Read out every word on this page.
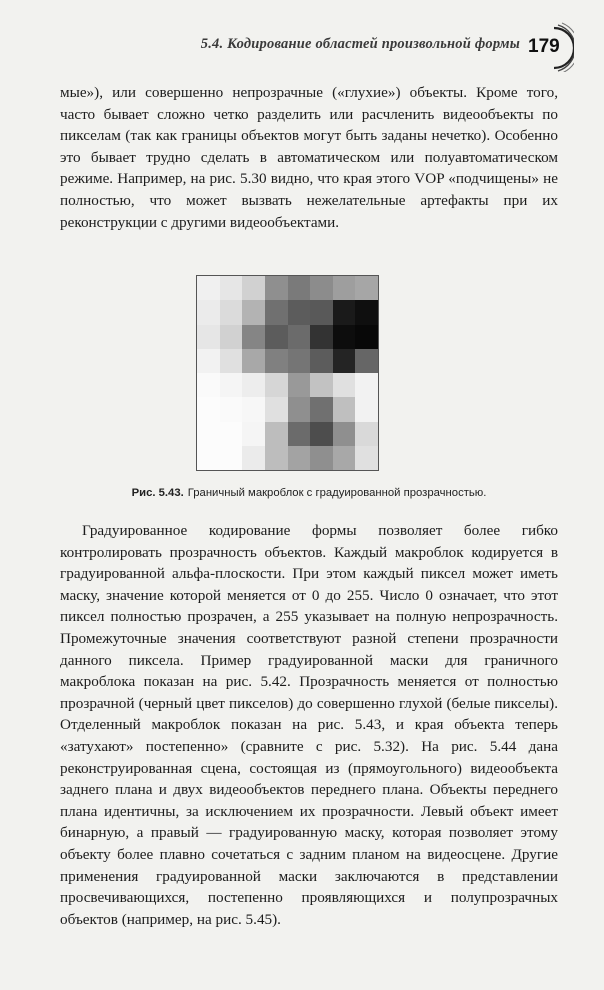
5.4. Кодирование областей произвольной формы 179

мые»), или совершенно непрозрачные («глухие») объекты. Кроме того, часто бывает сложно четко разделить или расчленить видеообъекты по пикселам (так как границы объектов могут быть заданы нечетко). Особенно это бывает трудно сделать в автоматическом или полуавтоматическом режиме. Например, на рис. 5.30 видно, что края этого VOP «подчищены» не полностью, что может вызвать нежелательные артефакты при их реконструкции с другими видеообъектами.

Рис. 5.43. Граничный макроблок с градуированной прозрачностью.

Градуированное кодирование формы позволяет более гибко контролировать прозрачность объектов. Каждый макроблок кодируется в градуированной альфа-плоскости. При этом каждый пиксел может иметь маску, значение которой меняется от 0 до 255. Число 0 означает, что этот пиксел полностью прозрачен, а 255 указывает на полную непрозрачность. Промежуточные значения соответствуют разной степени прозрачности данного пиксела. Пример градуированной маски для граничного макроблока показан на рис. 5.42. Прозрачность меняется от полностью прозрачной (черный цвет пикселов) до совершенно глухой (белые пикселы). Отделенный макроблок показан на рис. 5.43, и края объекта теперь «затухают» постепенно» (сравните с рис. 5.32). На рис. 5.44 дана реконструированная сцена, состоящая из (прямоугольного) видеообъекта заднего плана и двух видеообъектов переднего плана. Объекты переднего плана идентичны, за исключением их прозрачности. Левый объект имеет бинарную, а правый — градуированную маску, которая позволяет этому объекту более плавно сочетаться с задним планом на видеосцене. Другие применения градуированной маски заключаются в представлении просвечивающихся, постепенно проявляющихся и полупрозрачных объектов (например, на рис. 5.45).
